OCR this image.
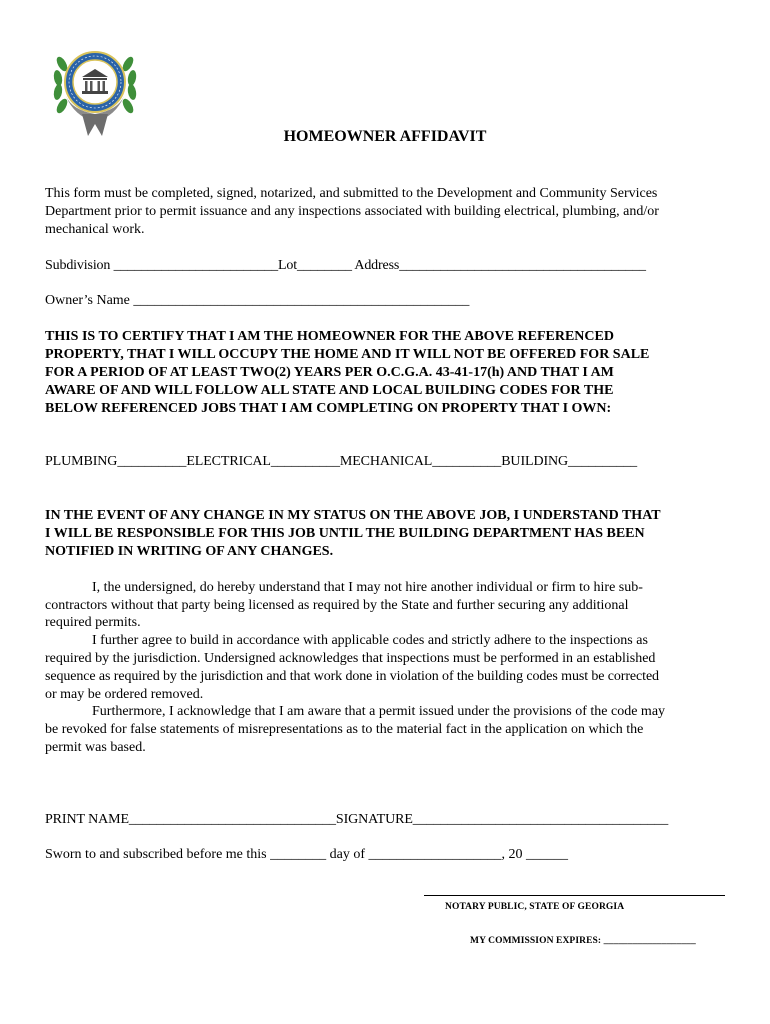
HOMEOWNER AFFIDAVIT
This form must be completed, signed, notarized, and submitted to the Development and Community Services
Department prior to permit issuance and any inspections associated with building electrical, plumbing, and/or
mechanical work.
Subdivision ________________________Lot________ Address____________________________________
Owner’s Name ________________________________________________
THIS IS TO CERTIFY THAT I AM THE HOMEOWNER FOR THE ABOVE REFERENCED
PROPERTY, THAT I WILL OCCUPY THE HOME AND IT WILL NOT BE OFFERED FOR SALE
FOR A PERIOD OF AT LEAST TWO(2) YEARS PER O.C.G.A. 43-41-17(h) AND THAT I AM
AWARE OF AND WILL FOLLOW ALL STATE AND LOCAL BUILDING CODES FOR THE
BELOW REFERENCED JOBS THAT I AM COMPLETING ON PROPERTY THAT I OWN:
PLUMBING__________ELECTRICAL__________MECHANICAL__________BUILDING__________
IN THE EVENT OF ANY CHANGE IN MY STATUS ON THE ABOVE JOB, I UNDERSTAND THAT
I WILL BE RESPONSIBLE FOR THIS JOB UNTIL THE BUILDING DEPARTMENT HAS BEEN
NOTIFIED IN WRITING OF ANY CHANGES.
I, the undersigned, do hereby understand that I may not hire another individual or firm to hire sub-
contractors without that party being licensed as required by the State and further securing any additional
required permits.
I further agree to build in accordance with applicable codes and strictly adhere to the inspections as
required by the jurisdiction. Undersigned acknowledges that inspections must be performed in an established
sequence as required by the jurisdiction and that work done in violation of the building codes must be corrected
or may be ordered removed.
Furthermore, I acknowledge that I am aware that a permit issued under the provisions of the code may
be revoked for false statements of misrepresentations as to the material fact in the application on which the
permit was based.
PRINT NAME______________________________SIGNATURE_____________________________________
Sworn to and subscribed before me this ________ day of ___________________, 20 ______
NOTARY PUBLIC, STATE OF GEORGIA
MY COMMISSION EXPIRES: ___________________
